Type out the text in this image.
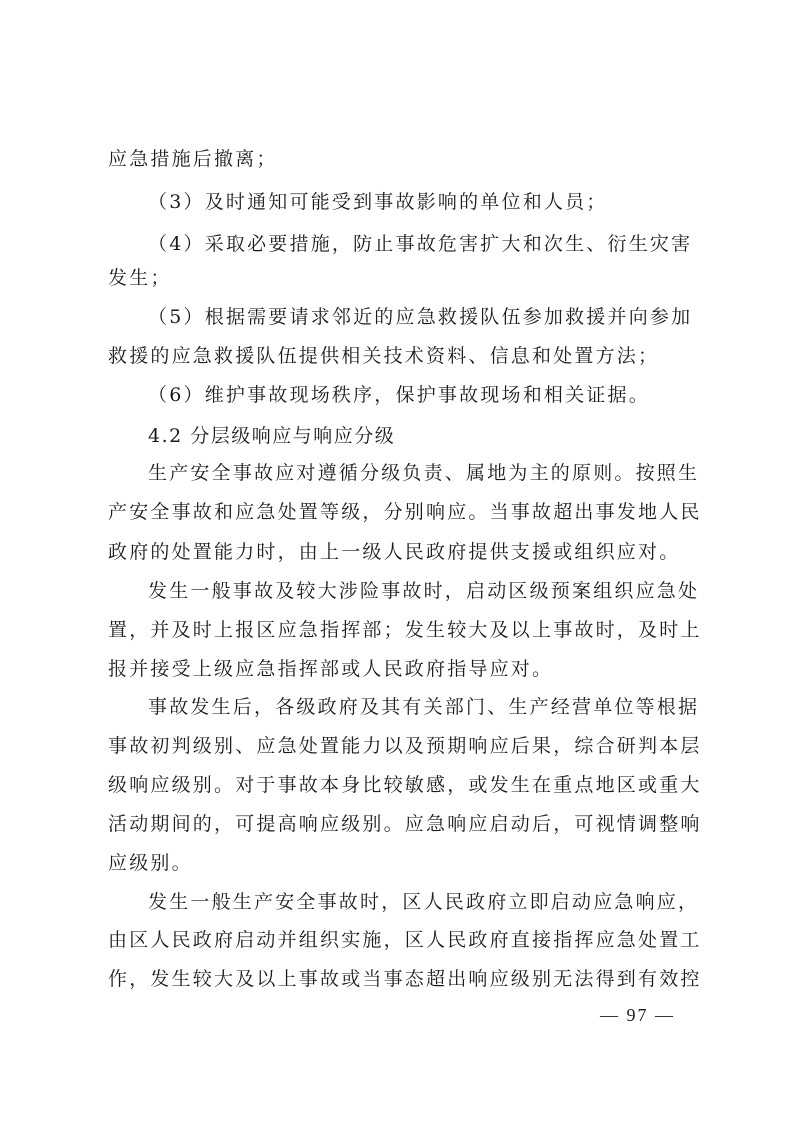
应急措施后撤离；
（3）及时通知可能受到事故影响的单位和人员；
（4）采取必要措施，防止事故危害扩大和次生、衍生灾害
发生；
（5）根据需要请求邻近的应急救援队伍参加救援并向参加
救援的应急救援队伍提供相关技术资料、信息和处置方法；
（6）维护事故现场秩序，保护事故现场和相关证据。
4.2 分层级响应与响应分级
生产安全事故应对遵循分级负责、属地为主的原则。按照生
产安全事故和应急处置等级，分别响应。当事故超出事发地人民
政府的处置能力时，由上一级人民政府提供支援或组织应对。
发生一般事故及较大涉险事故时，启动区级预案组织应急处
置，并及时上报区应急指挥部；发生较大及以上事故时，及时上
报并接受上级应急指挥部或人民政府指导应对。
事故发生后，各级政府及其有关部门、生产经营单位等根据
事故初判级别、应急处置能力以及预期响应后果，综合研判本层
级响应级别。对于事故本身比较敏感，或发生在重点地区或重大
活动期间的，可提高响应级别。应急响应启动后，可视情调整响
应级别。
发生一般生产安全事故时，区人民政府立即启动应急响应，
由区人民政府启动并组织实施，区人民政府直接指挥应急处置工
作，发生较大及以上事故或当事态超出响应级别无法得到有效控
— 97 —
